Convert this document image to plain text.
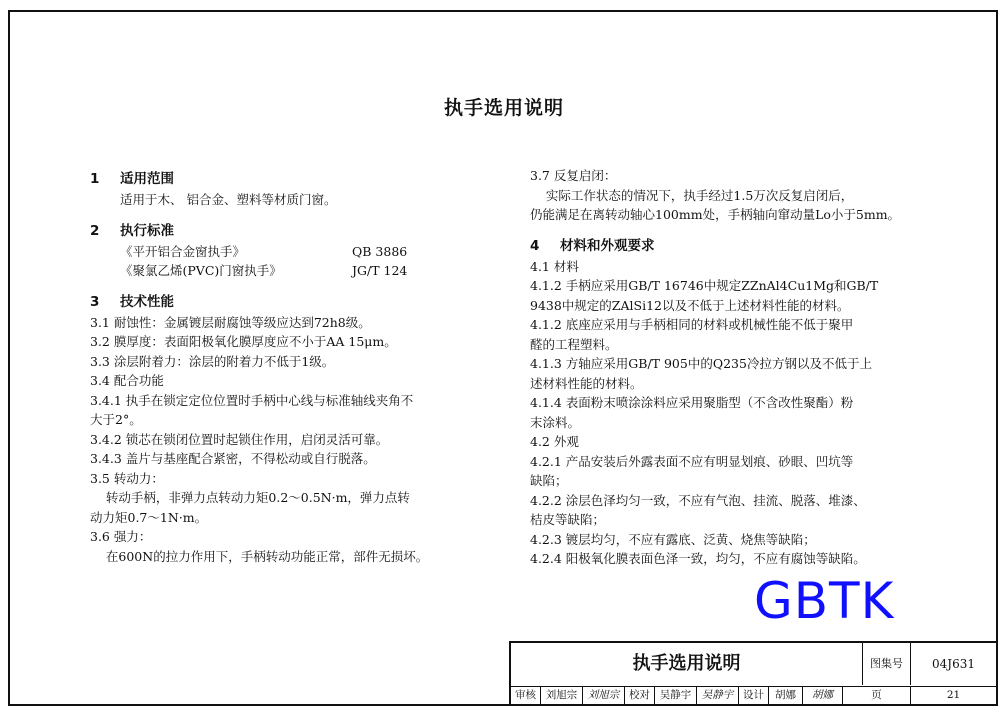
执手选用说明
1 适用范围
适用于木、 铝合金、塑料等材质门窗。
2 执行标准
《平开铝合金窗执手》	QB 3886
《聚氯乙烯(PVC)门窗执手》	JG/T 124
3 技术性能
3.1 耐蚀性：金属镀层耐腐蚀等级应达到72h8级。
3.2 膜厚度：表面阳极氧化膜厚度应不小于AA 15μm。
3.3 涂层附着力：涂层的附着力不低于1级。
3.4 配合功能
3.4.1 执手在锁定定位位置时手柄中心线与标准轴线夹角不
大于2°。
3.4.2 锁芯在锁闭位置时起锁住作用，启闭灵活可靠。
3.4.3 盖片与基座配合紧密，不得松动或自行脱落。
3.5 转动力：
转动手柄，非弹力点转动力矩0.2～0.5N·m，弹力点转
动力矩0.7～1N·m。
3.6 强力：
在600N的拉力作用下，手柄转动功能正常，部件无损坏。
3.7 反复启闭：
实际工作状态的情况下，执手经过1.5万次反复启闭后，
仍能满足在离转动轴心100mm处，手柄轴向窜动量Lo小于5mm。
4 材料和外观要求
4.1 材料
4.1.2 手柄应采用GB/T 16746中规定ZZnAl4Cu1Mg和GB/T
9438中规定的ZAlSi12以及不低于上述材料性能的材料。
4.1.2 底座应采用与手柄相同的材料或机械性能不低于聚甲
醛的工程塑料。
4.1.3 方轴应采用GB/T 905中的Q235冷拉方钢以及不低于上
述材料性能的材料。
4.1.4 表面粉末喷涂涂料应采用聚脂型（不含改性聚酯）粉
末涂料。
4.2 外观
4.2.1 产品安装后外露表面不应有明显划痕、砂眼、凹坑等
缺陷；
4.2.2 涂层色泽均匀一致，不应有气泡、挂流、脱落、堆漆、
桔皮等缺陷；
4.2.3 镀层均匀，不应有露底、泛黄、烧焦等缺陷；
4.2.4 阳极氧化膜表面色泽一致，均匀，不应有腐蚀等缺陷。
GBTK
执手选用说明	图集号	04J631
审核 刘旭宗	刘旭宗 校对 吴静宇	吴静宇 设计	胡娜	胡娜	页	21
